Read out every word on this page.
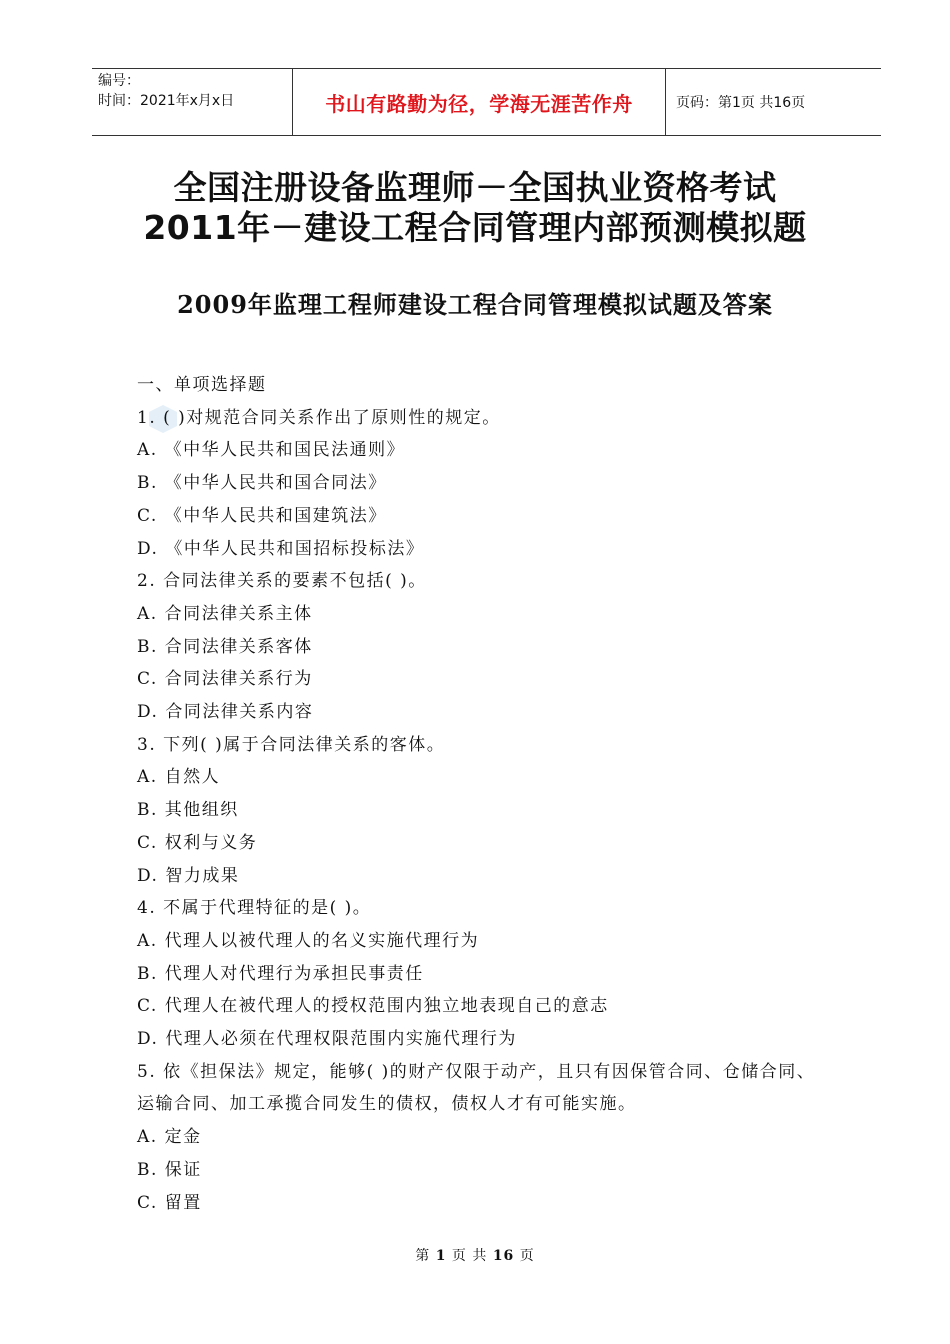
编号：
时间：2021年x月x日	书山有路勤为径，学海无涯苦作舟	页码：第1页 共16页
全国注册设备监理师－全国执业资格考试
2011年－建设工程合同管理内部预测模拟题
2009年监理工程师建设工程合同管理模拟试题及答案
一、单项选择题
1. ( )对规范合同关系作出了原则性的规定。
A. 《中华人民共和国民法通则》
B. 《中华人民共和国合同法》
C. 《中华人民共和国建筑法》
D. 《中华人民共和国招标投标法》
2. 合同法律关系的要素不包括( )。
A. 合同法律关系主体
B. 合同法律关系客体
C. 合同法律关系行为
D. 合同法律关系内容
3. 下列( )属于合同法律关系的客体。
A. 自然人
B. 其他组织
C. 权利与义务
D. 智力成果
4. 不属于代理特征的是( )。
A. 代理人以被代理人的名义实施代理行为
B. 代理人对代理行为承担民事责任
C. 代理人在被代理人的授权范围内独立地表现自己的意志
D. 代理人必须在代理权限范围内实施代理行为
5. 依《担保法》规定，能够( )的财产仅限于动产，且只有因保管合同、仓储合同、
运输合同、加工承揽合同发生的债权，债权人才有可能实施。
A. 定金
B. 保证
C. 留置
第 1 页 共 16 页
